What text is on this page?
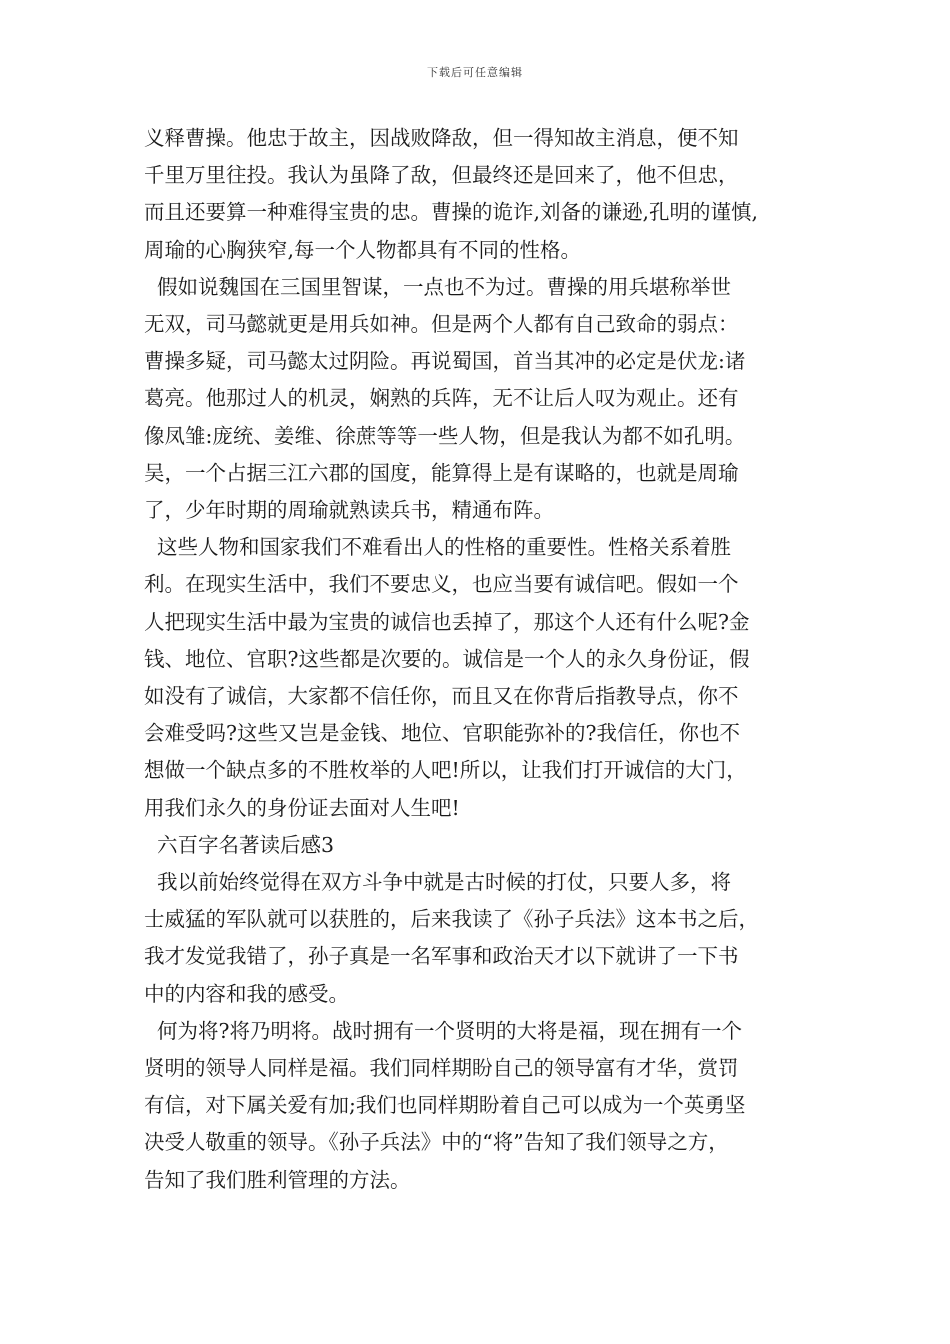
下载后可任意编辑

义释曹操。他忠于故主，因战败降敌，但一得知故主消息，便不知

千里万里往投。我认为虽降了敌，但最终还是回来了，他不但忠，

而且还要算一种难得宝贵的忠。曹操的诡诈,刘备的谦逊,孔明的谨慎,

周瑜的心胸狭窄,每一个人物都具有不同的性格。

假如说魏国在三国里智谋，一点也不为过。曹操的用兵堪称举世

无双，司马懿就更是用兵如神。但是两个人都有自己致命的弱点：

曹操多疑，司马懿太过阴险。再说蜀国，首当其冲的必定是伏龙:诸

葛亮。他那过人的机灵，娴熟的兵阵，无不让后人叹为观止。还有

像凤雏:庞统、姜维、徐蔗等等一些人物，但是我认为都不如孔明。

吴，一个占据三江六郡的国度，能算得上是有谋略的，也就是周瑜

了，少年时期的周瑜就熟读兵书，精通布阵。

这些人物和国家我们不难看出人的性格的重要性。性格关系着胜

利。在现实生活中，我们不要忠义，也应当要有诚信吧。假如一个

人把现实生活中最为宝贵的诚信也丢掉了，那这个人还有什么呢?金

钱、地位、官职?这些都是次要的。诚信是一个人的永久身份证，假

如没有了诚信，大家都不信任你，而且又在你背后指教导点，你不

会难受吗?这些又岂是金钱、地位、官职能弥补的?我信任，你也不

想做一个缺点多的不胜枚举的人吧!所以，让我们打开诚信的大门，

用我们永久的身份证去面对人生吧!

六百字名著读后感3

我以前始终觉得在双方斗争中就是古时候的打仗，只要人多，将

士威猛的军队就可以获胜的，后来我读了《孙子兵法》这本书之后，

我才发觉我错了，孙子真是一名军事和政治天才以下就讲了一下书

中的内容和我的感受。

何为将?将乃明将。战时拥有一个贤明的大将是福，现在拥有一个

贤明的领导人同样是福。我们同样期盼自己的领导富有才华，赏罚

有信，对下属关爱有加;我们也同样期盼着自己可以成为一个英勇坚

决受人敬重的领导。《孙子兵法》中的“将”告知了我们领导之方，

告知了我们胜利管理的方法。
